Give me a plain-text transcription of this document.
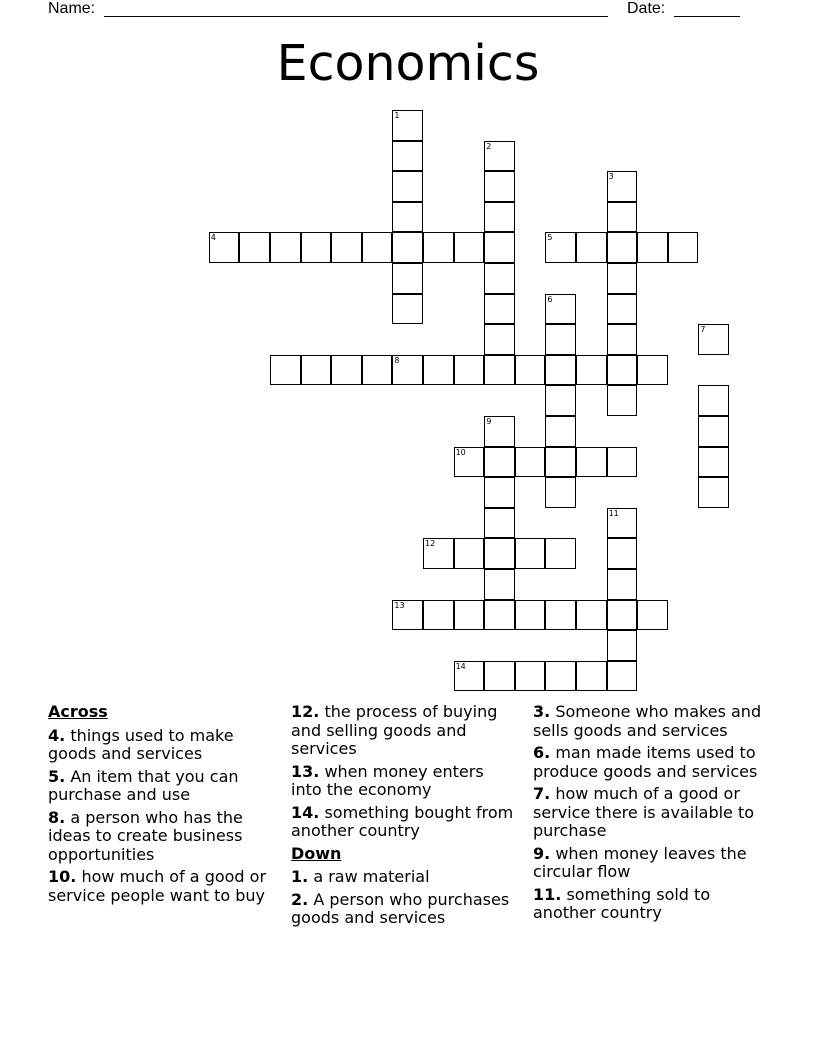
Name:	Date:
Economics
8
1
4
2
5
3
6
7
10
9
12
11
13
14
Across
4. things used to make goods and services
5. An item that you can purchase and use
8. a person who has the ideas to create business opportunities
10. how much of a good or service people want to buy
12. the process of buying and selling goods and services
13. when money enters into the economy
14. something bought from another country
Down
1. a raw material
2. A person who purchases goods and services
3. Someone who makes and sells goods and services
6. man made items used to produce goods and services
7. how much of a good or service there is available to purchase
9. when money leaves the circular flow
11. something sold to another country
